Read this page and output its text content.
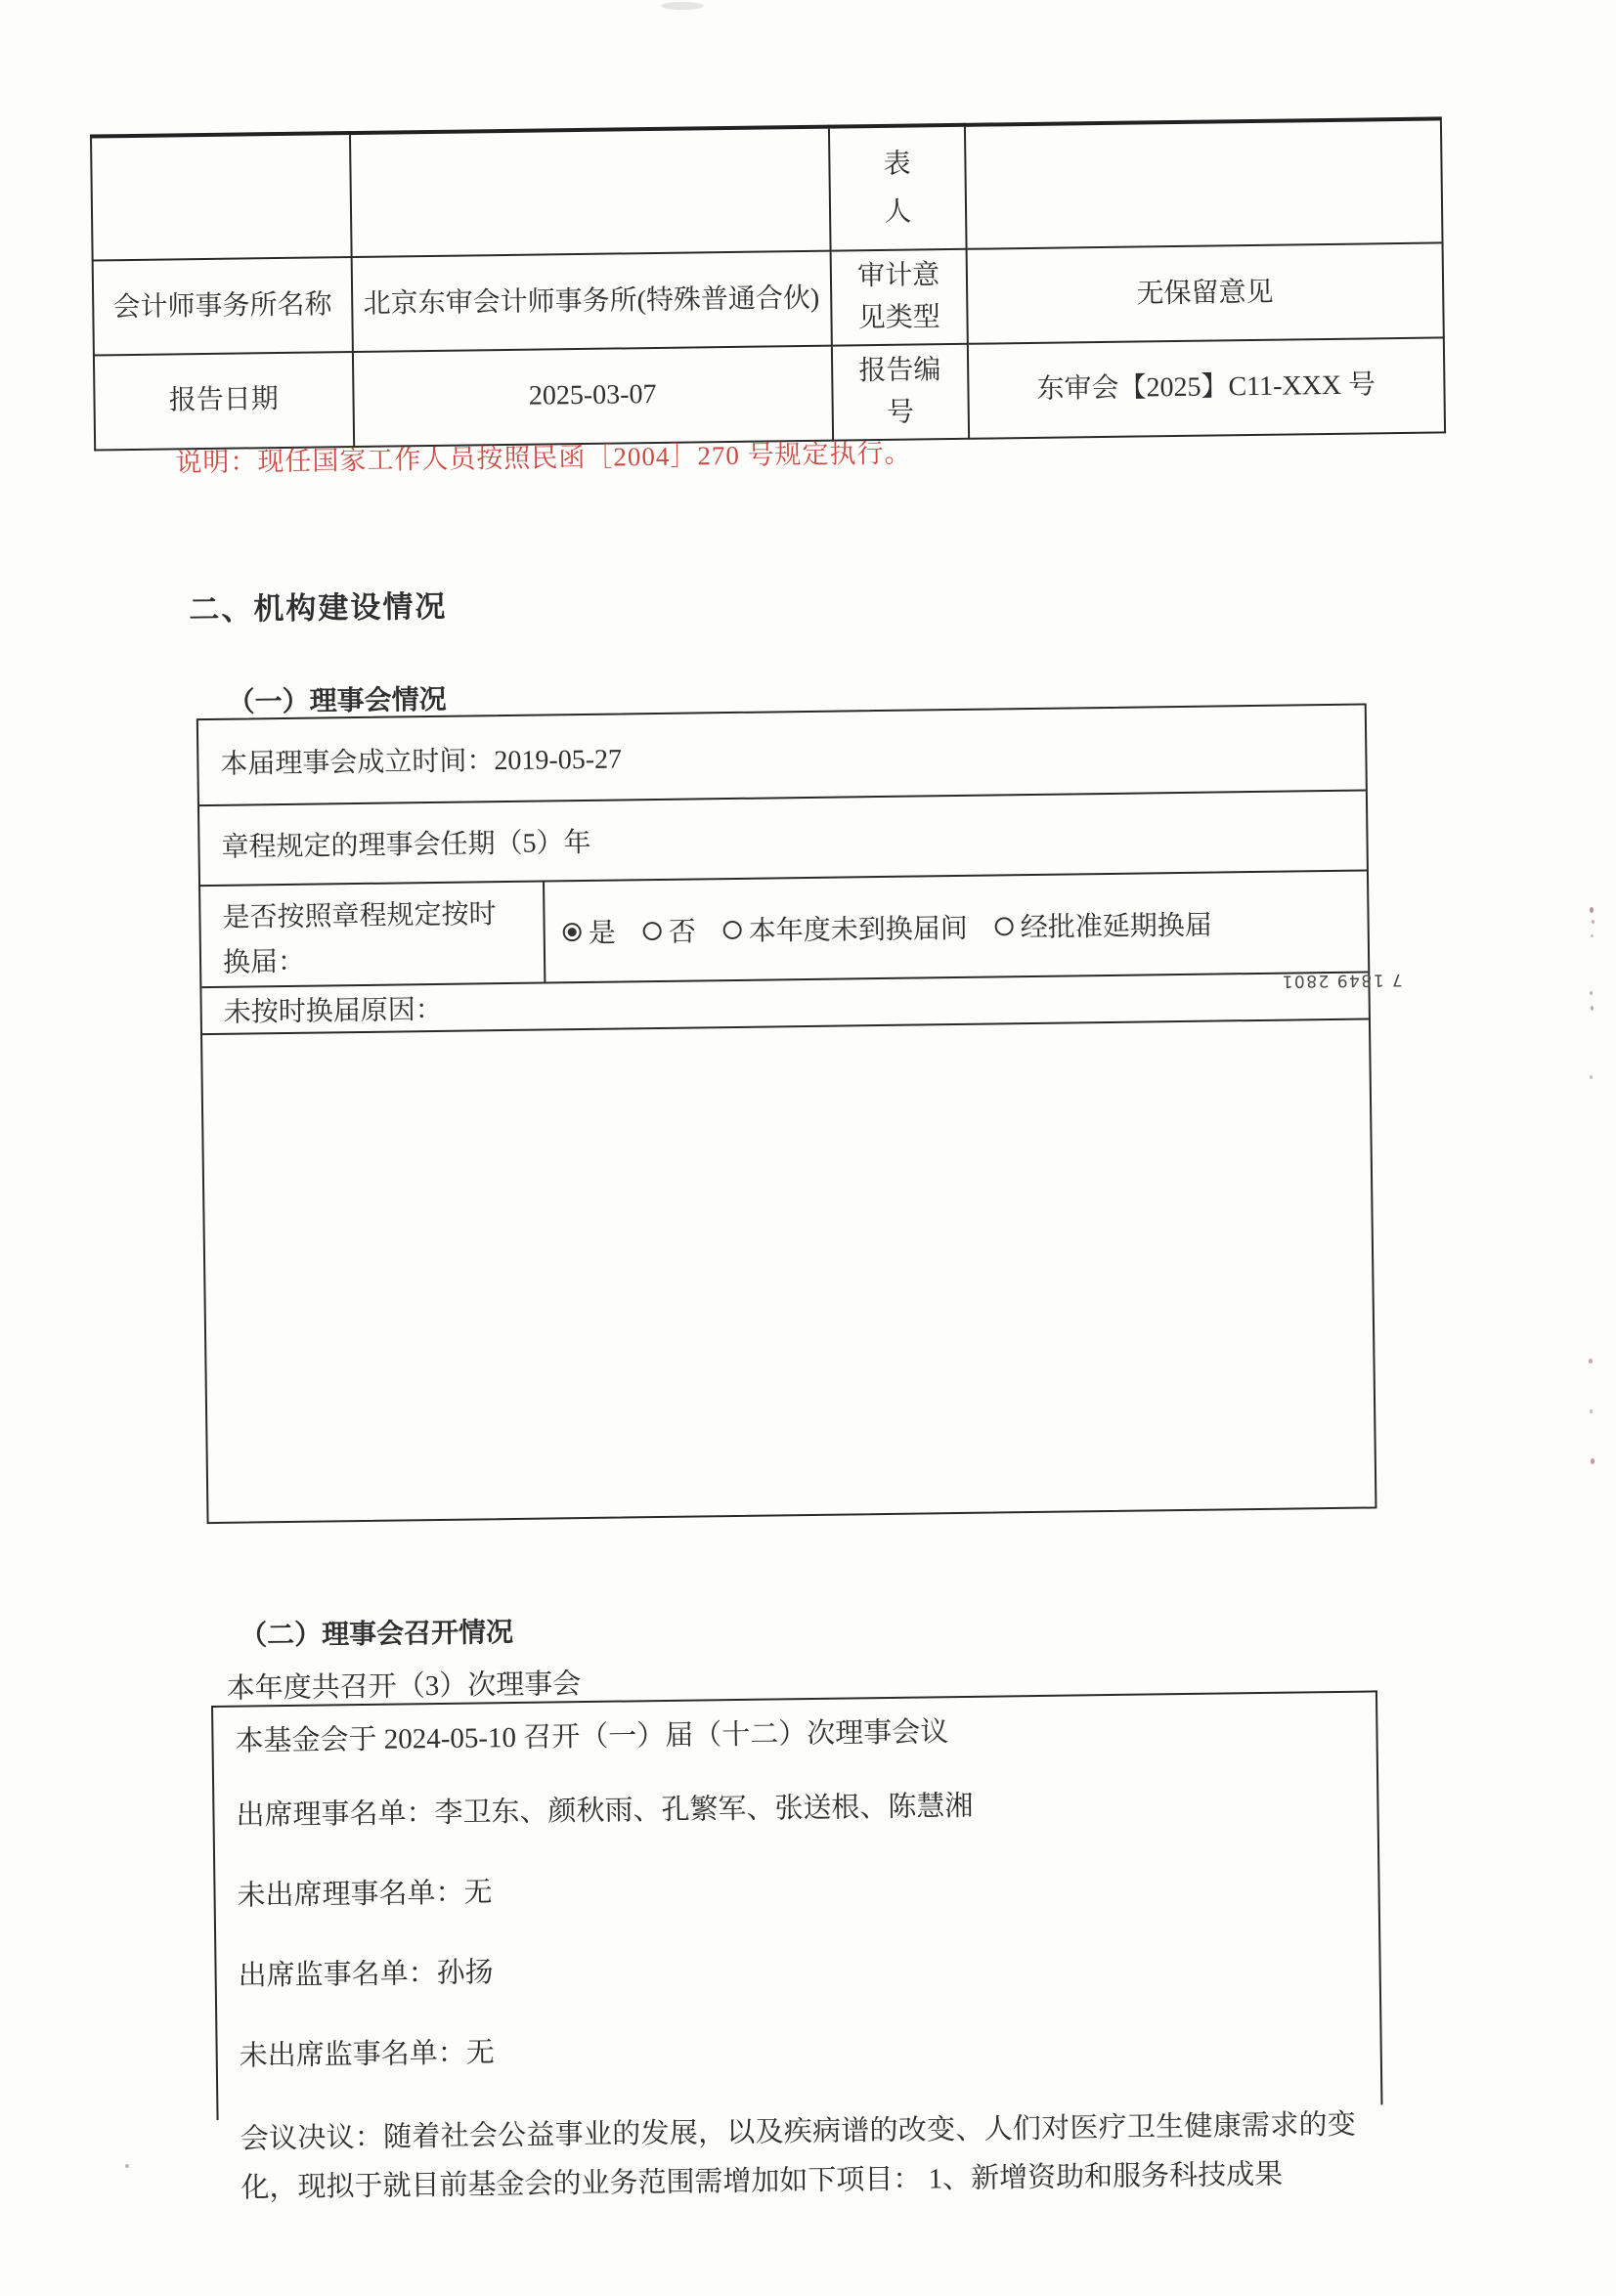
		表人	
会计师事务所名称	北京东审会计师事务所(特殊普通合伙)	审计意见类型	无保留意见
报告日期	2025-03-07	报告编号	东审会【2025】C11-XXX 号
说明：现任国家工作人员按照民函［2004］270 号规定执行。
二、机构建设情况
（一）理事会情况
本届理事会成立时间：2019-05-27
章程规定的理事会任期（5）年
是否按照章程规定按时换届：
是 否 本年度未到换届间 经批准延期换届
未按时换届原因：
7 1849 2801
（二）理事会召开情况
本年度共召开（3）次理事会

本基金会于 2024-05-10 召开（一）届（十二）次理事会议

出席理事名单：李卫东、颜秋雨、孔繁军、张送根、陈慧湘

未出席理事名单：无

出席监事名单：孙扬

未出席监事名单：无

会议决议：随着社会公益事业的发展，以及疾病谱的改变、人们对医疗卫生健康需求的变化，现拟于就目前基金会的业务范围需增加如下项目： 1、新增资助和服务科技成果
